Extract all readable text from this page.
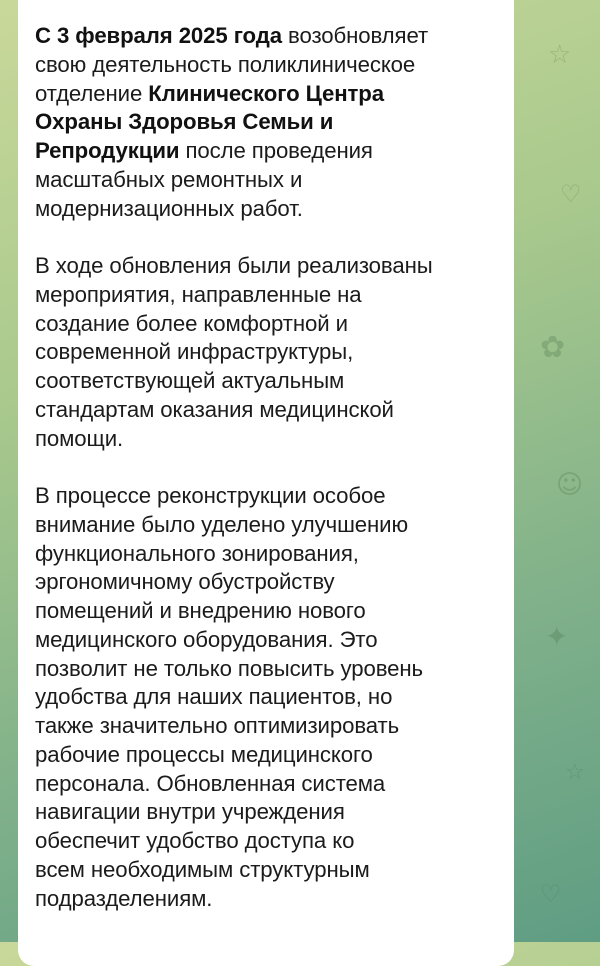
☆
♡
✿
☺
✦
☆
♡

С 3 февраля 2025 года возобновляет
свою деятельность поликлиническое
отделение Клинического Центра
Охраны Здоровья Семьи и
Репродукции после проведения
масштабных ремонтных и
модернизационных работ.

В ходе обновления были реализованы
мероприятия, направленные на
создание более комфортной и
современной инфраструктуры,
соответствующей актуальным
стандартам оказания медицинской
помощи.

В процессе реконструкции особое
внимание было уделено улучшению
функционального зонирования,
эргономичному обустройству
помещений и внедрению нового
медицинского оборудования. Это
позволит не только повысить уровень
удобства для наших пациентов, но
также значительно оптимизировать
рабочие процессы медицинского
персонала. Обновленная система
навигации внутри учреждения
обеспечит удобство доступа ко
всем необходимым структурным
подразделениям.
